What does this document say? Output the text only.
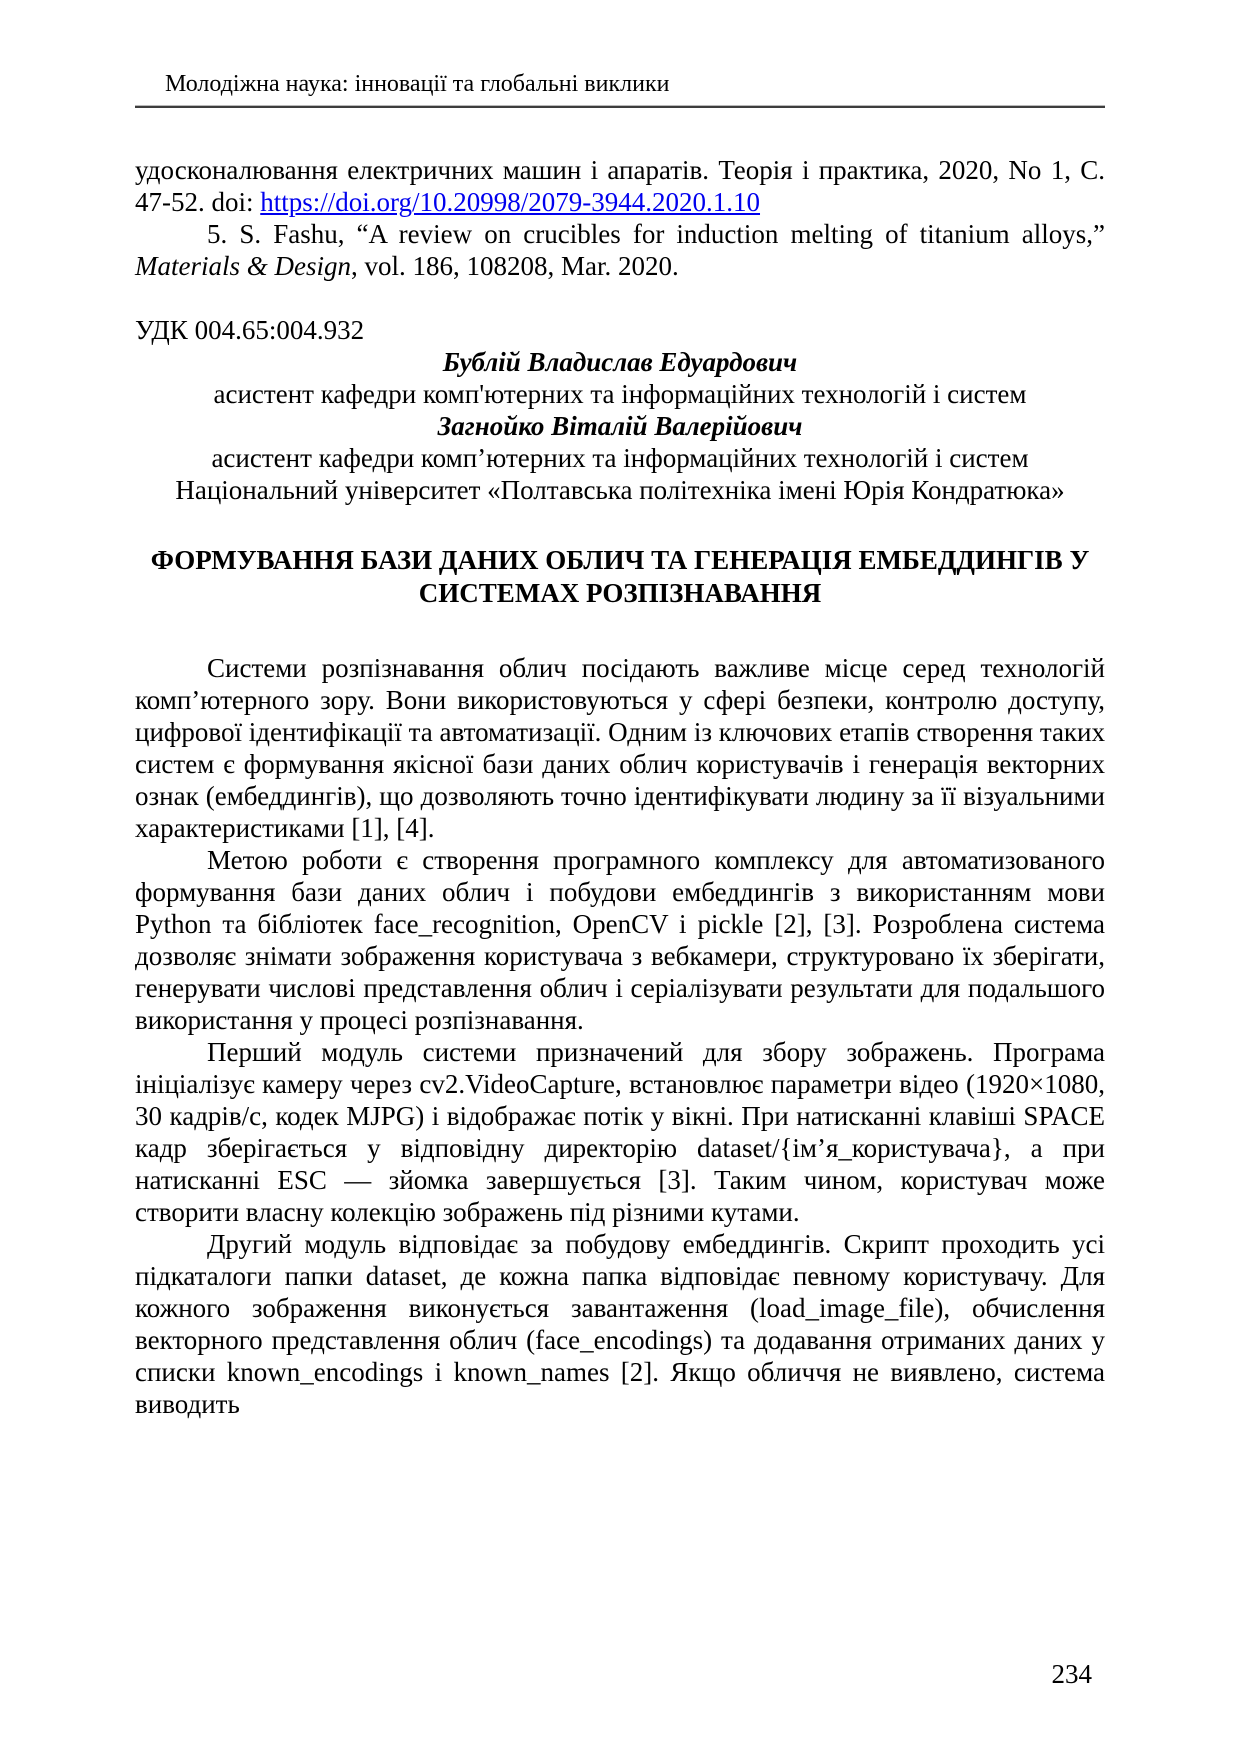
Молодіжна наука: інновації та глобальні виклики

удосконалювання електричних машин і апаратів. Теорія і практика, 2020, No 1, С. 47-52. doi: https://doi.org/10.20998/2079-3944.2020.1.10

5. S. Fashu, “A review on crucibles for induction melting of titanium alloys,” Materials & Design, vol. 186, 108208, Mar. 2020.

УДК 004.65:004.932

Бублій Владислав Едуардович

асистент кафедри комп'ютерних та інформаційних технологій і систем

Загнойко Віталій Валерійович

асистент кафедри комп’ютерних та інформаційних технологій і систем

Національний університет «Полтавська політехніка імені Юрія Кондратюка»

ФОРМУВАННЯ БАЗИ ДАНИХ ОБЛИЧ ТА ГЕНЕРАЦІЯ ЕМБЕДДИНГІВ У СИСТЕМАХ РОЗПІЗНАВАННЯ

Системи розпізнавання облич посідають важливе місце серед технологій комп’ютерного зору. Вони використовуються у сфері безпеки, контролю доступу, цифрової ідентифікації та автоматизації. Одним із ключових етапів створення таких систем є формування якісної бази даних облич користувачів і генерація векторних ознак (ембеддингів), що дозволяють точно ідентифікувати людину за її візуальними характеристиками [1], [4].

Метою роботи є створення програмного комплексу для автоматизованого формування бази даних облич і побудови ембеддингів з використанням мови Python та бібліотек face_recognition, OpenCV і pickle [2], [3]. Розроблена система дозволяє знімати зображення користувача з вебкамери, структуровано їх зберігати, генерувати числові представлення облич і серіалізувати результати для подальшого використання у процесі розпізнавання.

Перший модуль системи призначений для збору зображень. Програма ініціалізує камеру через cv2.VideoCapture, встановлює параметри відео (1920×1080, 30 кадрів/с, кодек MJPG) і відображає потік у вікні. При натисканні клавіші SPACE кадр зберігається у відповідну директорію dataset/{ім’я_користувача}, а при натисканні ESC — зйомка завершується [3]. Таким чином, користувач може створити власну колекцію зображень під різними кутами.

Другий модуль відповідає за побудову ембеддингів. Скрипт проходить усі підкаталоги папки dataset, де кожна папка відповідає певному користувачу. Для кожного зображення виконується завантаження (load_image_file), обчислення векторного представлення облич (face_encodings) та додавання отриманих даних у списки known_encodings і known_names [2]. Якщо обличчя не виявлено, система виводить

234
